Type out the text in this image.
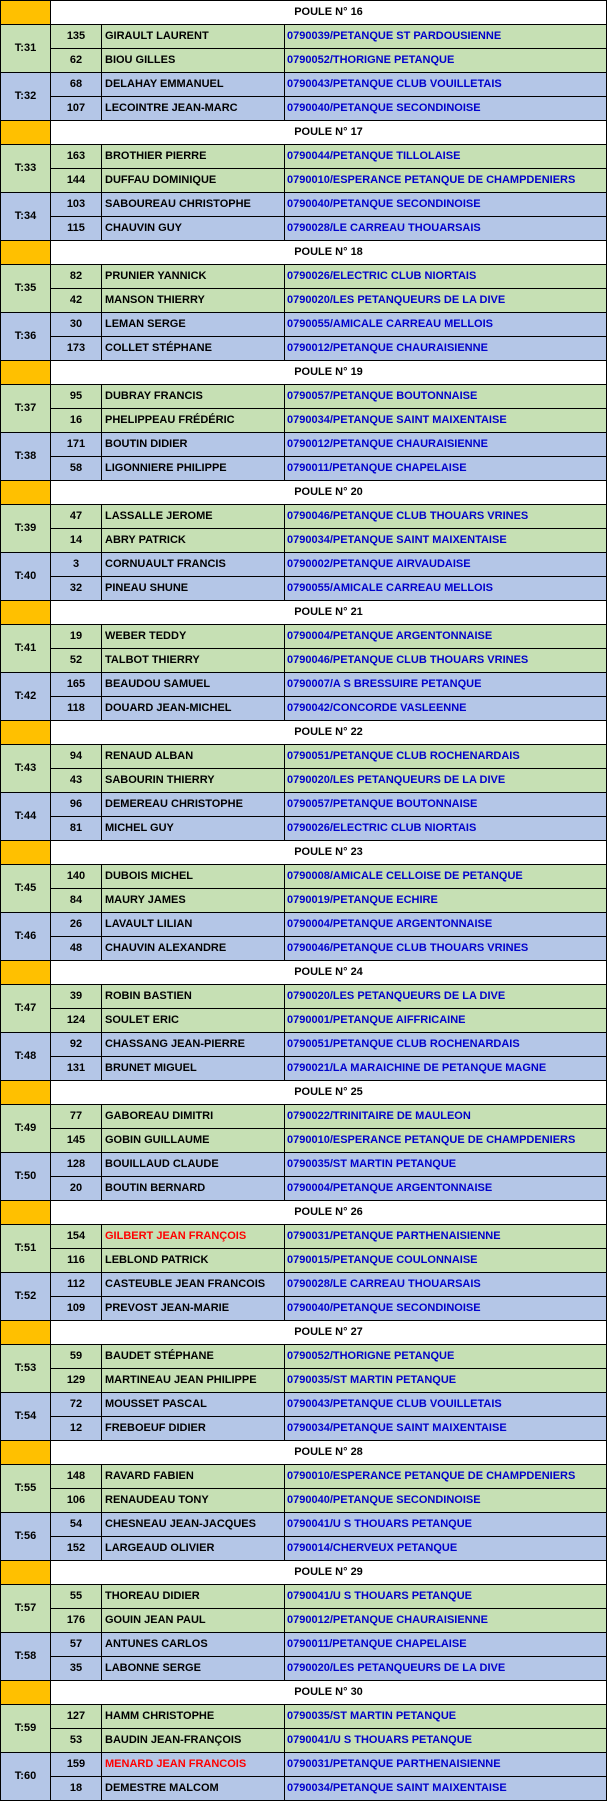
	POULE N° 16		
T:31	135	GIRAULT LAURENT	0790039/PETANQUE ST PARDOUSIENNE
	62	BIOU GILLES	0790052/THORIGNE PETANQUE
T:32	68	DELAHAY EMMANUEL	0790043/PETANQUE CLUB VOUILLETAIS
	107	LECOINTRE JEAN-MARC	0790040/PETANQUE SECONDINOISE
	POULE N° 17		
T:33	163	BROTHIER PIERRE	0790044/PETANQUE TILLOLAISE
	144	DUFFAU DOMINIQUE	0790010/ESPERANCE PETANQUE DE CHAMPDENIERS
T:34	103	SABOUREAU CHRISTOPHE	0790040/PETANQUE SECONDINOISE
	115	CHAUVIN GUY	0790028/LE CARREAU THOUARSAIS
	POULE N° 18		
T:35	82	PRUNIER YANNICK	0790026/ELECTRIC CLUB NIORTAIS
	42	MANSON THIERRY	0790020/LES PETANQUEURS DE LA DIVE
T:36	30	LEMAN SERGE	0790055/AMICALE CARREAU MELLOIS
	173	COLLET STÉPHANE	0790012/PETANQUE CHAURAISIENNE
	POULE N° 19		
T:37	95	DUBRAY FRANCIS	0790057/PETANQUE BOUTONNAISE
	16	PHELIPPEAU FRÉDÉRIC	0790034/PETANQUE SAINT MAIXENTAISE
T:38	171	BOUTIN DIDIER	0790012/PETANQUE CHAURAISIENNE
	58	LIGONNIERE PHILIPPE	0790011/PETANQUE CHAPELAISE
	POULE N° 20		
T:39	47	LASSALLE JEROME	0790046/PETANQUE CLUB THOUARS VRINES
	14	ABRY PATRICK	0790034/PETANQUE SAINT MAIXENTAISE
T:40	3	CORNUAULT FRANCIS	0790002/PETANQUE AIRVAUDAISE
	32	PINEAU SHUNE	0790055/AMICALE CARREAU MELLOIS
	POULE N° 21		
T:41	19	WEBER TEDDY	0790004/PETANQUE ARGENTONNAISE
	52	TALBOT THIERRY	0790046/PETANQUE CLUB THOUARS VRINES
T:42	165	BEAUDOU SAMUEL	0790007/A S BRESSUIRE PETANQUE
	118	DOUARD JEAN-MICHEL	0790042/CONCORDE VASLEENNE
	POULE N° 22		
T:43	94	RENAUD ALBAN	0790051/PETANQUE CLUB ROCHENARDAIS
	43	SABOURIN THIERRY	0790020/LES PETANQUEURS DE LA DIVE
T:44	96	DEMEREAU CHRISTOPHE	0790057/PETANQUE BOUTONNAISE
	81	MICHEL GUY	0790026/ELECTRIC CLUB NIORTAIS
	POULE N° 23		
T:45	140	DUBOIS MICHEL	0790008/AMICALE CELLOISE DE PETANQUE
	84	MAURY JAMES	0790019/PETANQUE ECHIRE
T:46	26	LAVAULT LILIAN	0790004/PETANQUE ARGENTONNAISE
	48	CHAUVIN ALEXANDRE	0790046/PETANQUE CLUB THOUARS VRINES
	POULE N° 24		
T:47	39	ROBIN BASTIEN	0790020/LES PETANQUEURS DE LA DIVE
	124	SOULET ERIC	0790001/PETANQUE AIFFRICAINE
T:48	92	CHASSANG JEAN-PIERRE	0790051/PETANQUE CLUB ROCHENARDAIS
	131	BRUNET MIGUEL	0790021/LA MARAICHINE DE PETANQUE MAGNE
	POULE N° 25		
T:49	77	GABOREAU DIMITRI	0790022/TRINITAIRE DE MAULEON
	145	GOBIN GUILLAUME	0790010/ESPERANCE PETANQUE DE CHAMPDENIERS
T:50	128	BOUILLAUD CLAUDE	0790035/ST MARTIN PETANQUE
	20	BOUTIN BERNARD	0790004/PETANQUE ARGENTONNAISE
	POULE N° 26		
T:51	154	GILBERT JEAN FRANÇOIS	0790031/PETANQUE PARTHENAISIENNE
	116	LEBLOND PATRICK	0790015/PETANQUE COULONNAISE
T:52	112	CASTEUBLE JEAN FRANCOIS	0790028/LE CARREAU THOUARSAIS
	109	PREVOST JEAN-MARIE	0790040/PETANQUE SECONDINOISE
	POULE N° 27		
T:53	59	BAUDET STÉPHANE	0790052/THORIGNE PETANQUE
	129	MARTINEAU JEAN PHILIPPE	0790035/ST MARTIN PETANQUE
T:54	72	MOUSSET PASCAL	0790043/PETANQUE CLUB VOUILLETAIS
	12	FREBOEUF DIDIER	0790034/PETANQUE SAINT MAIXENTAISE
	POULE N° 28		
T:55	148	RAVARD FABIEN	0790010/ESPERANCE PETANQUE DE CHAMPDENIERS
	106	RENAUDEAU TONY	0790040/PETANQUE SECONDINOISE
T:56	54	CHESNEAU JEAN-JACQUES	0790041/U S THOUARS PETANQUE
	152	LARGEAUD OLIVIER	0790014/CHERVEUX PETANQUE
	POULE N° 29		
T:57	55	THOREAU DIDIER	0790041/U S THOUARS PETANQUE
	176	GOUIN JEAN PAUL	0790012/PETANQUE CHAURAISIENNE
T:58	57	ANTUNES CARLOS	0790011/PETANQUE CHAPELAISE
	35	LABONNE SERGE	0790020/LES PETANQUEURS DE LA DIVE
	POULE N° 30		
T:59	127	HAMM CHRISTOPHE	0790035/ST MARTIN PETANQUE
	53	BAUDIN JEAN-FRANÇOIS	0790041/U S THOUARS PETANQUE
T:60	159	MENARD JEAN FRANCOIS	0790031/PETANQUE PARTHENAISIENNE
	18	DEMESTRE MALCOM	0790034/PETANQUE SAINT MAIXENTAISE
